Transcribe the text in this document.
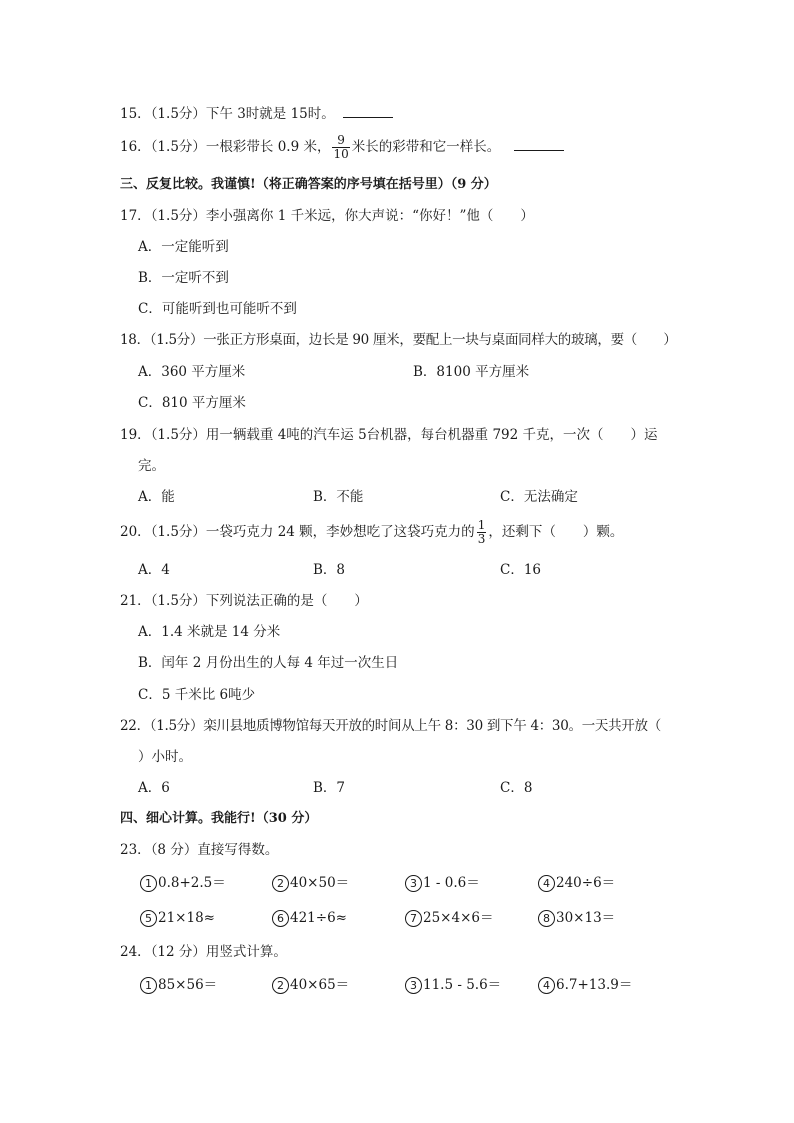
15．（1.5分）下午 3时就是 15时。
16．（1.5分）一根彩带长 0.9 米， $\frac{9}{10}$ 米长的彩带和它一样长。
三、反复比较。我谨慎!（将正确答案的序号填在括号里）（9 分）
17．（1.5分）李小强离你 1 千米远，你大声说：“你好！”他（　　）
A．一定能听到
B．一定听不到
C．可能听到也可能听不到
18．（1.5分）一张正方形桌面，边长是 90 厘米，要配上一块与桌面同样大的玻璃，要（　　）
A．360 平方厘米	B．8100 平方厘米
C．810 平方厘米
19．（1.5分）用一辆载重 4吨的汽车运 5台机器，每台机器重 792 千克，一次（　　）运
完。
A．能	B．不能	C．无法确定
20．（1.5分）一袋巧克力 24 颗，李妙想吃了这袋巧克力的 $\frac{1}{3}$ ，还剩下（　　）颗。
A．4	B．8	C．16
21．（1.5分）下列说法正确的是（　　）
A．1.4 米就是 14 分米
B．闰年 2 月份出生的人每 4 年过一次生日
C．5 千米比 6吨少
22．（1.5分）栾川县地质博物馆每天开放的时间从上午 8：30 到下午 4：30。一天共开放（
）小时。
A．6	B．7	C．8
四、细心计算。我能行!（30 分）
23．（8 分）直接写得数。
1 0.8+2.5＝	2 40×50＝	3 1 - 0.6＝	4 240÷6＝
5 21×18≈	6 421÷6≈	7 25×4×6＝	8 30×13＝
24．（12 分）用竖式计算。
1 85×56＝	2 40×65＝	3 11.5 - 5.6＝	4 6.7+13.9＝
